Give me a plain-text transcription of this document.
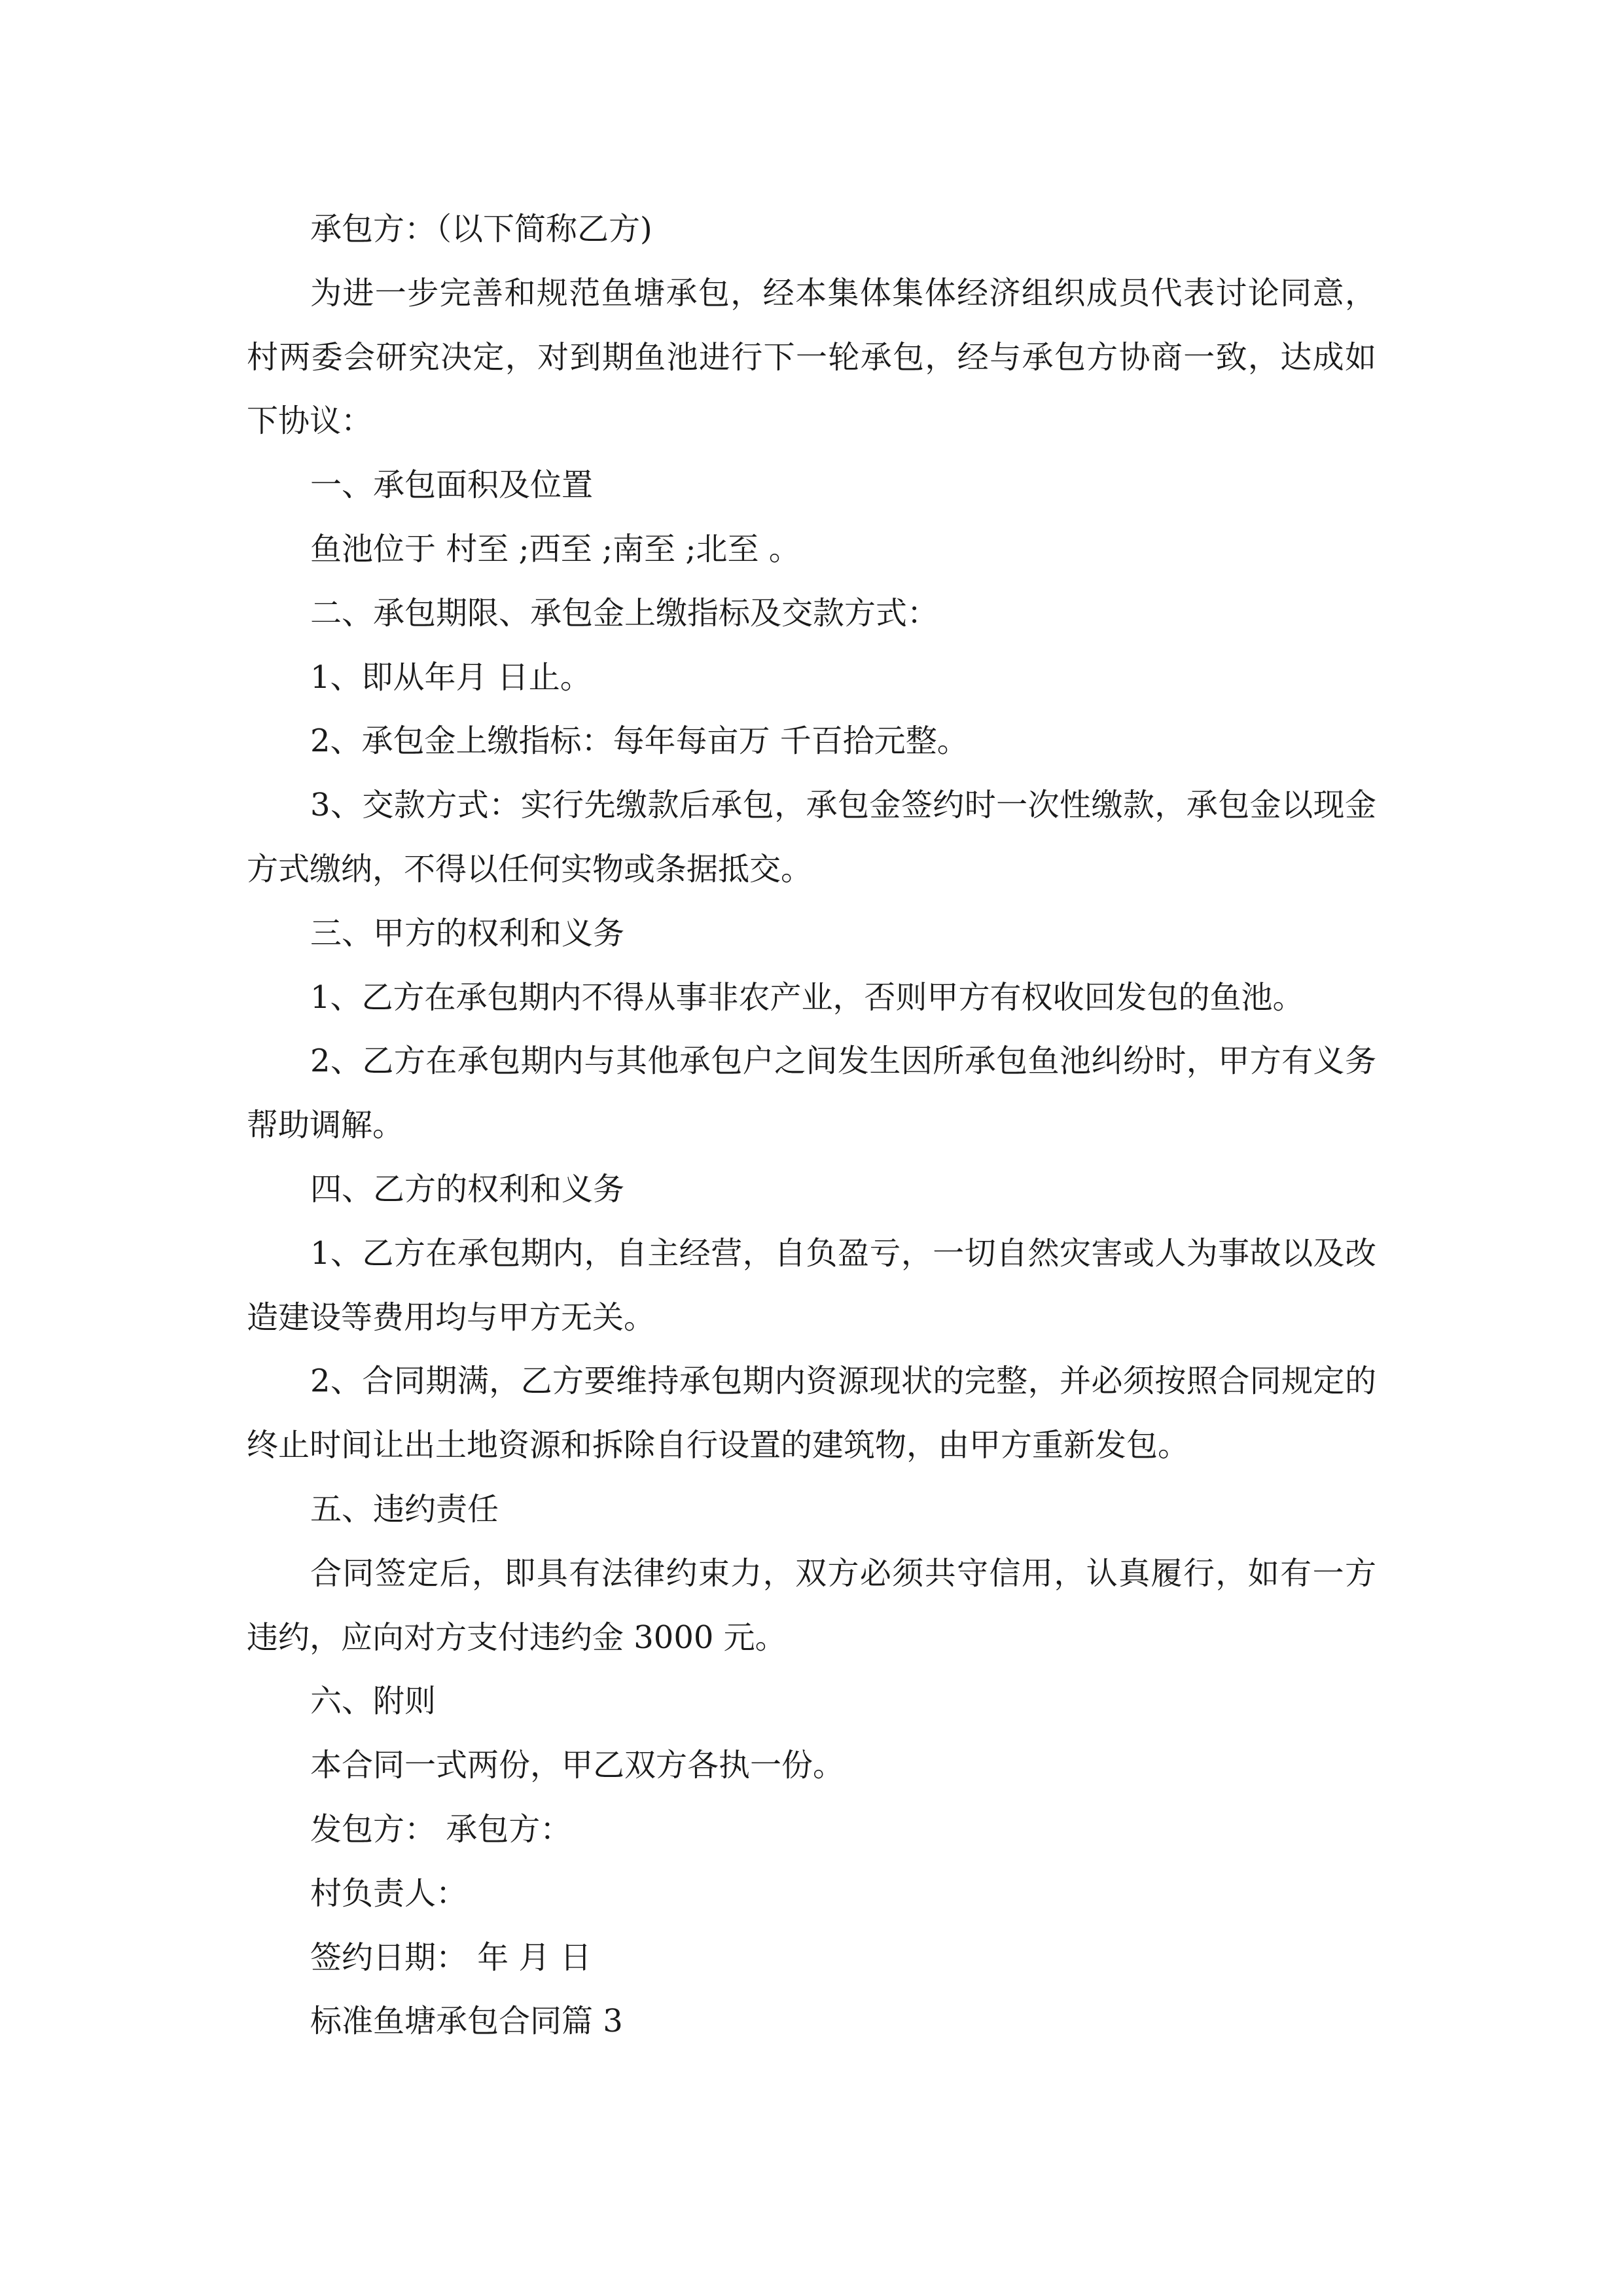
承包方：（以下简称乙方)

为进一步完善和规范鱼塘承包，经本集体集体经济组织成员代表讨论同意，村两委会研究决定，对到期鱼池进行下一轮承包，经与承包方协商一致，达成如下协议：

一、承包面积及位置

鱼池位于 村至 ;西至 ;南至 ;北至 。

二、承包期限、承包金上缴指标及交款方式：

1、即从年月 日止。

2、承包金上缴指标：每年每亩万 千百拾元整。

3、交款方式：实行先缴款后承包，承包金签约时一次性缴款，承包金以现金方式缴纳，不得以任何实物或条据抵交。

三、甲方的权利和义务

1、乙方在承包期内不得从事非农产业，否则甲方有权收回发包的鱼池。

2、乙方在承包期内与其他承包户之间发生因所承包鱼池纠纷时，甲方有义务帮助调解。

四、乙方的权利和义务

1、乙方在承包期内，自主经营，自负盈亏，一切自然灾害或人为事故以及改造建设等费用均与甲方无关。

2、合同期满，乙方要维持承包期内资源现状的完整，并必须按照合同规定的终止时间让出土地资源和拆除自行设置的建筑物，由甲方重新发包。

五、违约责任

合同签定后，即具有法律约束力，双方必须共守信用，认真履行，如有一方违约，应向对方支付违约金 3000 元。

六、附则

本合同一式两份，甲乙双方各执一份。

发包方： 承包方：

村负责人：

签约日期： 年 月 日

标准鱼塘承包合同篇 3
